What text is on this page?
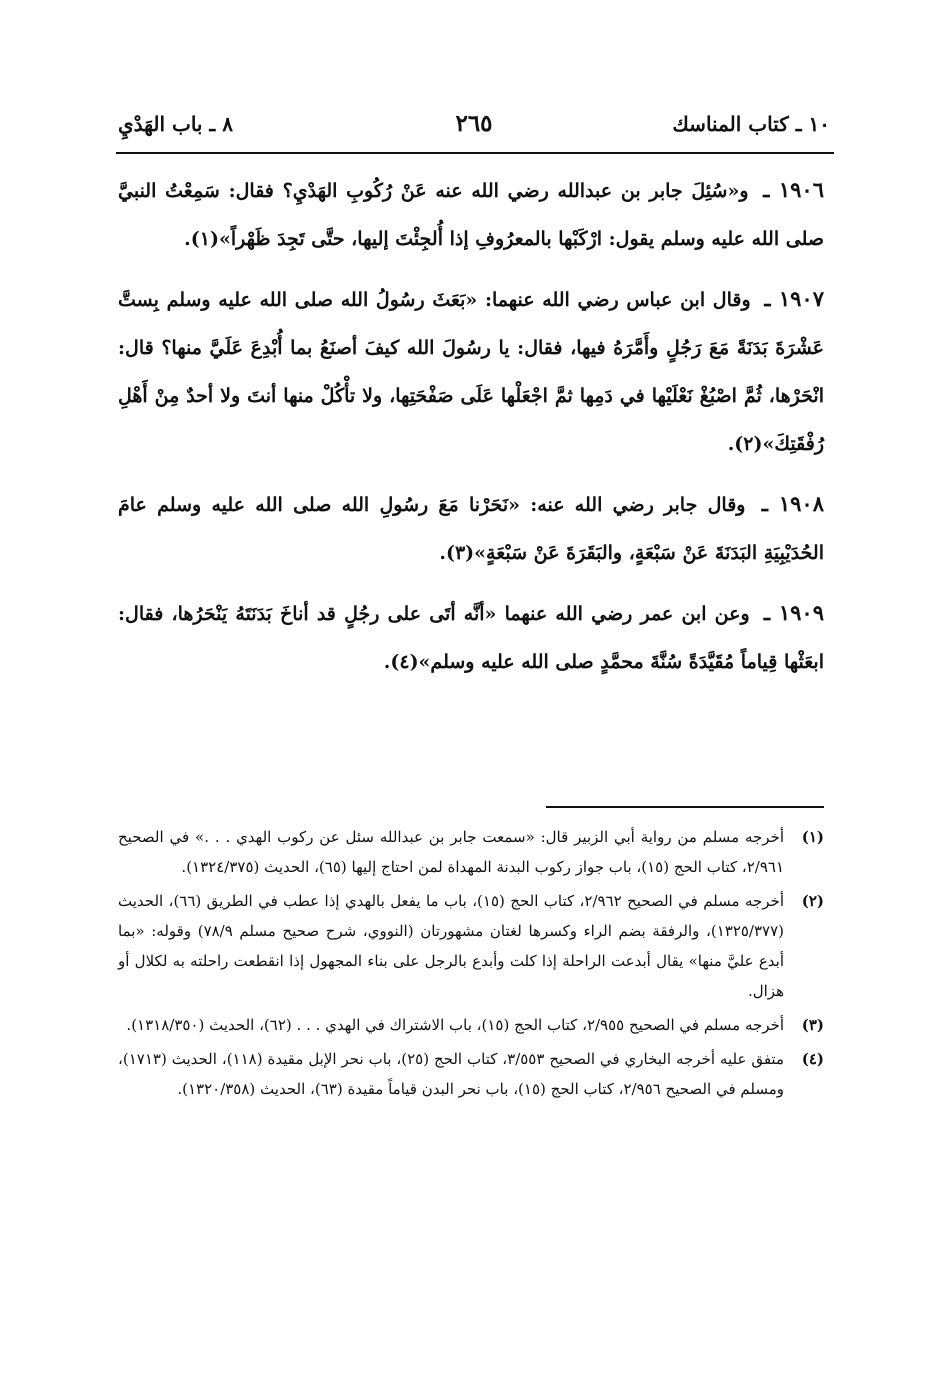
١٠ ـ كتاب المناسك
٢٦٥
٨ ـ باب الهَدْيِ

١٩٠٦ ـ و«سُئِلَ جابر بن عبدالله رضي الله عنه عَنْ رُكُوبِ الهَدْيِ؟ فقال: سَمِعْتُ النبيَّ صلى الله عليه وسلم يقول: ارْكَبْها بالمعرُوفِ إذا أُلجِئْتَ إليها، حتَّى تَجِدَ ظَهْراً»(١).

١٩٠٧ ـ وقال ابن عباس رضي الله عنهما: «بَعَثَ رسُولُ الله صلى الله عليه وسلم بِستَّ عَشْرَةَ بَدَنَةً مَعَ رَجُلٍ وأَمَّرَهُ فيها، فقال: يا رسُولَ الله كيفَ أصنَعُ بما أُبْدِعَ عَلَيَّ منها؟ قال: انْحَرْها، ثُمَّ اصْبُغْ نَعْلَيْها في دَمِها ثمَّ اجْعَلْها عَلَى صَفْحَتِها، ولا تأْكُلْ منها أنتَ ولا أحدٌ مِنْ أَهْلِ رُفْقَتِكَ»(٢).

١٩٠٨ ـ وقال جابر رضي الله عنه: «نَحَرْنا مَعَ رسُولِ الله صلى الله عليه وسلم عامَ الحُدَيْبِيَةِ البَدَنَةَ عَنْ سَبْعَةٍ، والبَقَرَةَ عَنْ سَبْعَةٍ»(٣).

١٩٠٩ ـ وعن ابن عمر رضي الله عنهما «أنَّه أتَى على رجُلٍ قد أناخَ بَدَنَتَهُ يَنْحَرُها، فقال: ابعَثْها قِياماً مُقَيَّدَةً سُنَّةَ محمَّدٍ صلى الله عليه وسلم»(٤).

(١)
أخرجه مسلم من رواية أبي الزبير قال: «سمعت جابر بن عبدالله سئل عن ركوب الهدي . . .» في الصحيح ٢/٩٦١، كتاب الحج (١٥)، باب جواز ركوب البدنة المهداة لمن احتاج إليها (٦٥)، الحديث (١٣٢٤/٣٧٥).
(٢)
أخرجه مسلم في الصحيح ٢/٩٦٢، كتاب الحج (١٥)، باب ما يفعل بالهدي إذا عطب في الطريق (٦٦)، الحديث (١٣٢٥/٣٧٧)، والرفقة بضم الراء وكسرها لغتان مشهورتان (النووي، شرح صحيح مسلم ٧٨/٩) وقوله: «بما أبدع عليَّ منها» يقال أبدعت الراحلة إذا كلت وأبدع بالرجل على بناء المجهول إذا انقطعت راحلته به لكلال أو هزال.
(٣)
أخرجه مسلم في الصحيح ٢/٩٥٥، كتاب الحج (١٥)، باب الاشتراك في الهدي . . . (٦٢)، الحديث (١٣١٨/٣٥٠).
(٤)
متفق عليه أخرجه البخاري في الصحيح ٣/٥٥٣، كتاب الحج (٢٥)، باب نحر الإبل مقيدة (١١٨)، الحديث (١٧١٣)، ومسلم في الصحيح ٢/٩٥٦، كتاب الحج (١٥)، باب نحر البدن قياماً مقيدة (٦٣)، الحديث (١٣٢٠/٣٥٨).
